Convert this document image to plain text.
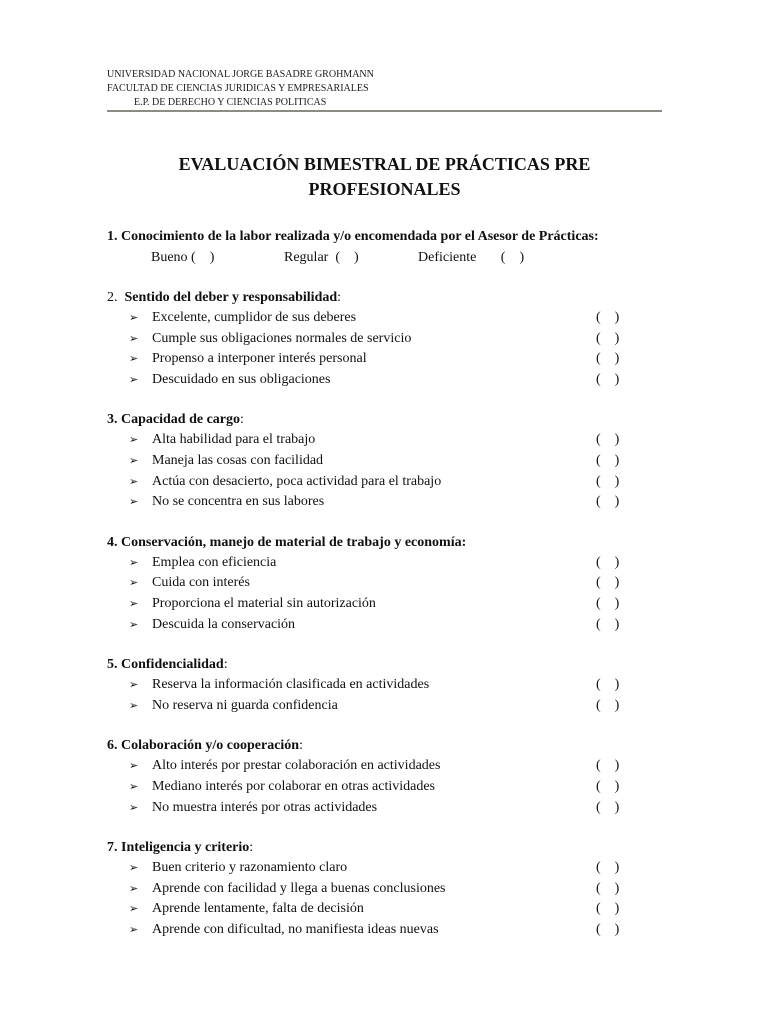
UNIVERSIDAD NACIONAL JORGE BASADRE GROHMANN
FACULTAD DE CIENCIAS JURIDICAS Y EMPRESARIALES
E.P. DE DERECHO Y CIENCIAS POLITICAS
EVALUACIÓN BIMESTRAL DE PRÁCTICAS PRE
PROFESIONALES
1. Conocimiento de la labor realizada y/o encomendada por el Asesor de Prácticas:
Bueno (    )	Regular  (    )	Deficiente       (    )
2.  Sentido del deber y responsabilidad:
➢ Excelente, cumplidor de sus deberes	(    )
➢ Cumple sus obligaciones normales de servicio	(    )
➢ Propenso a interponer interés personal	(    )
➢ Descuidado en sus obligaciones	(    )
3. Capacidad de cargo:
➢ Alta habilidad para el trabajo	(    )
➢ Maneja las cosas con facilidad	(    )
➢ Actúa con desacierto, poca actividad para el trabajo	(    )
➢ No se concentra en sus labores	(    )
4. Conservación, manejo de material de trabajo y economía:
➢ Emplea con eficiencia	(    )
➢ Cuida con interés	(    )
➢ Proporciona el material sin autorización	(    )
➢ Descuida la conservación	(    )
5. Confidencialidad:
➢ Reserva la información clasificada en actividades	(    )
➢ No reserva ni guarda confidencia	(    )
6. Colaboración y/o cooperación:
➢ Alto interés por prestar colaboración en actividades	(    )
➢ Mediano interés por colaborar en otras actividades	(    )
➢ No muestra interés por otras actividades	(    )
7. Inteligencia y criterio:
➢ Buen criterio y razonamiento claro	(    )
➢ Aprende con facilidad y llega a buenas conclusiones	(    )
➢ Aprende lentamente, falta de decisión	(    )
➢ Aprende con dificultad, no manifiesta ideas nuevas	(    )
